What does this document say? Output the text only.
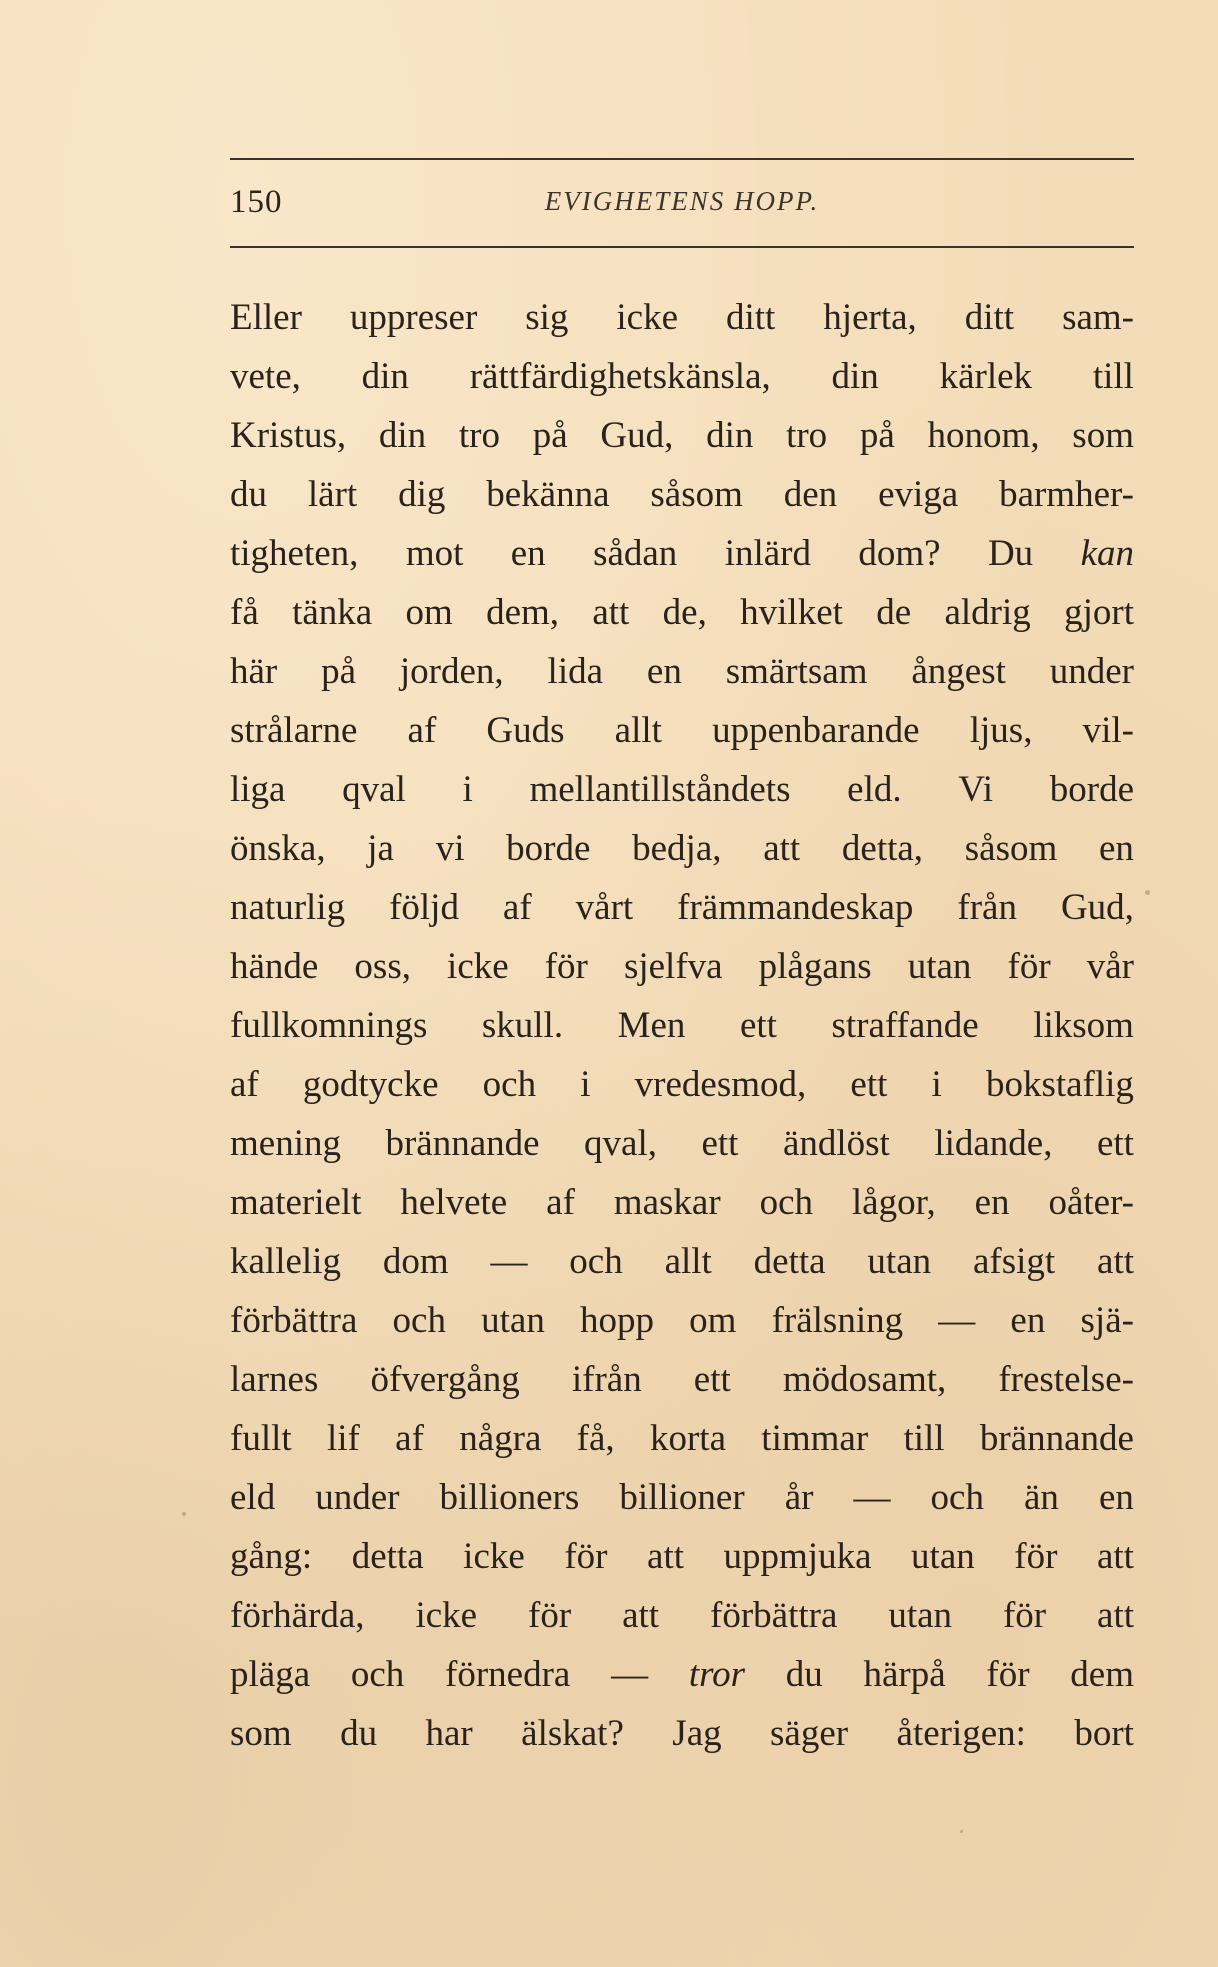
150	EVIGHETENS HOPP.
Eller uppreser sig icke ditt hjerta, ditt sam-
vete, din rättfärdighetskänsla, din kärlek till
Kristus, din tro på Gud, din tro på honom, som
du lärt dig bekänna såsom den eviga barmher-
tigheten, mot en sådan inlärd dom? Du kan
få tänka om dem, att de, hvilket de aldrig gjort
här på jorden, lida en smärtsam ångest under
strålarne af Guds allt uppenbarande ljus, vil-
liga qval i mellantillståndets eld. Vi borde
önska, ja vi borde bedja, att detta, såsom en
naturlig följd af vårt främmandeskap från Gud,
hände oss, icke för sjelfva plågans utan för vår
fullkomnings skull. Men ett straffande liksom
af godtycke och i vredesmod, ett i bokstaflig
mening brännande qval, ett ändlöst lidande, ett
materielt helvete af maskar och lågor, en oåter-
kallelig dom — och allt detta utan afsigt att
förbättra och utan hopp om frälsning — en sjä-
larnes öfvergång ifrån ett mödosamt, frestelse-
fullt lif af några få, korta timmar till brännande
eld under billioners billioner år — och än en
gång: detta icke för att uppmjuka utan för att
förhärda, icke för att förbättra utan för att
pläga och förnedra — tror du härpå för dem
som du har älskat? Jag säger återigen: bort
